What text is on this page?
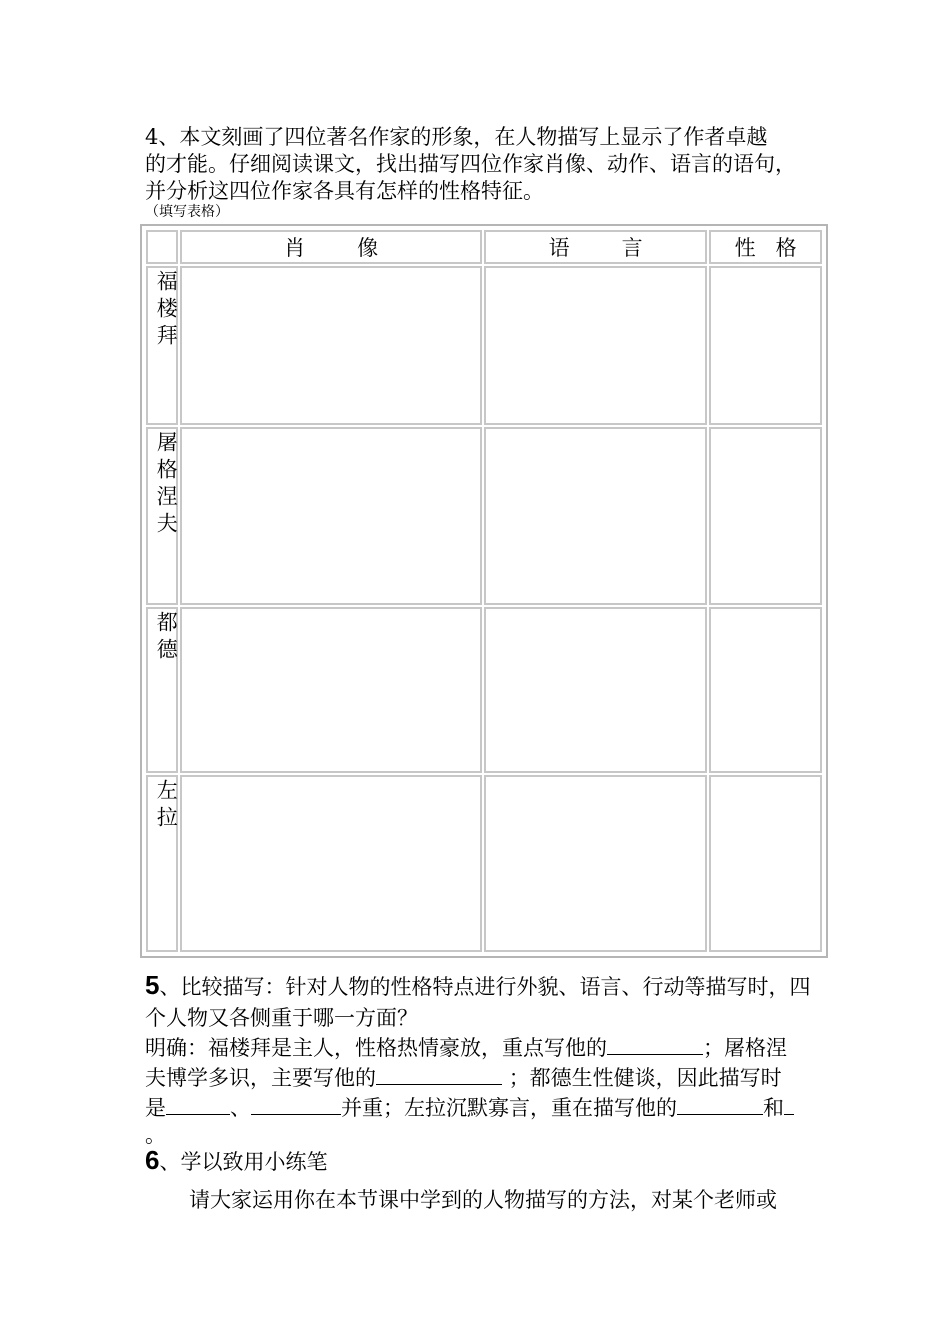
4、本文刻画了四位著名作家的形象，在人物描写上显示了作者卓越

的才能。仔细阅读课文，找出描写四位作家肖像、动作、语言的语句，

并分析这四位作家各具有怎样的性格特征。

（填写表格）
	肖 像	语 言	性 格
福楼拜			
屠格涅夫			
都德			
左拉			

5、比较描写：针对人物的性格特点进行外貌、语言、行动等描写时，四

个人物又各侧重于哪一方面？

明确：福楼拜是主人，性格热情豪放，重点写他的	；屠格涅

夫博学多识，主要写他的	；都德生性健谈，因此描写时

是	、	并重；左拉沉默寡言，重在描写他的	和

。

6、学以致用小练笔
请大家运用你在本节课中学到的人物描写的方法，对某个老师或
